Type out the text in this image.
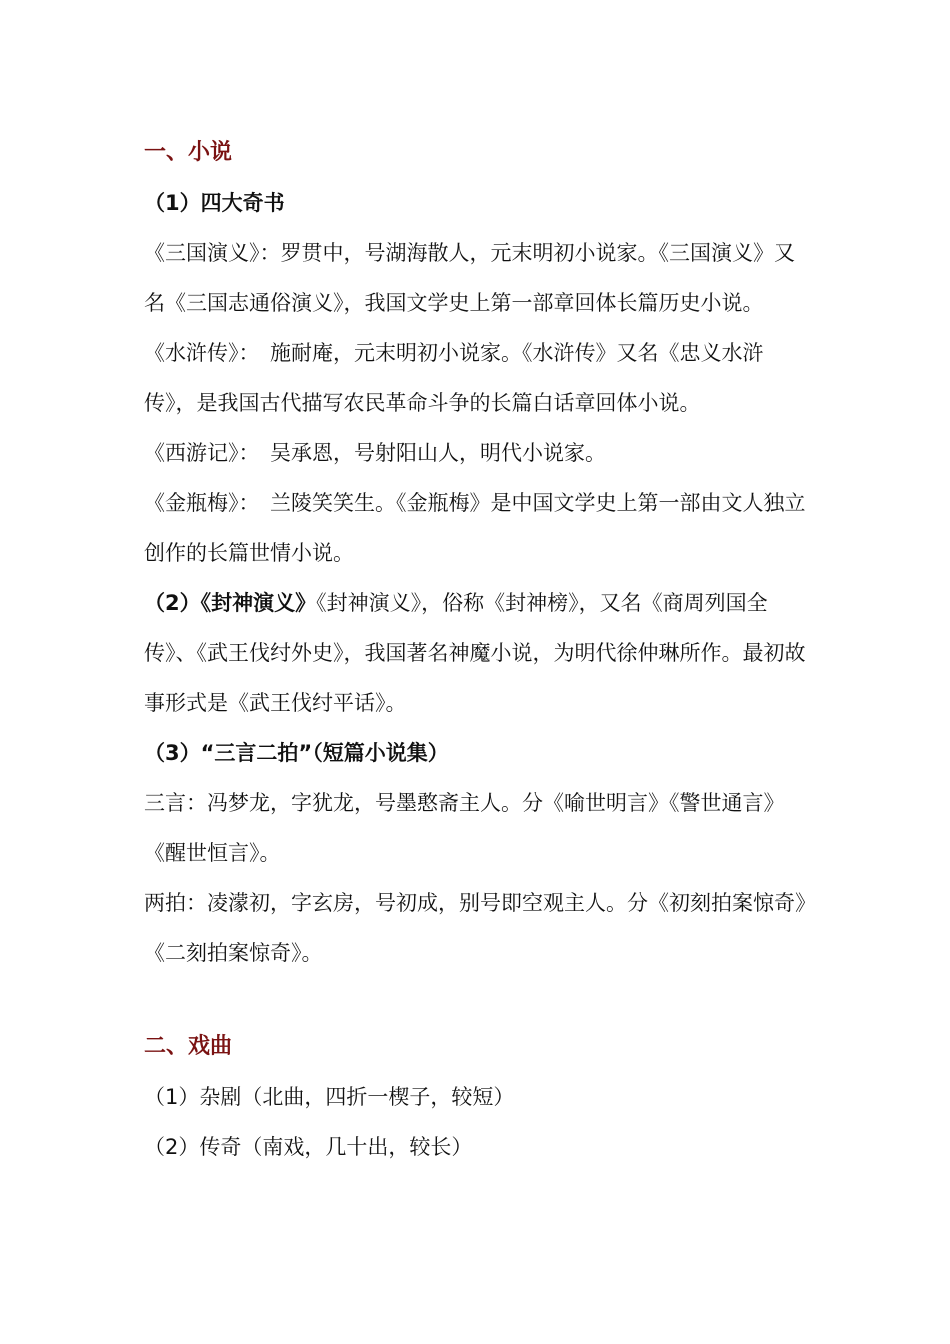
一、小说
（1）四大奇书

《三国演义》：罗贯中，号湖海散人，元末明初小说家。《三国演义》又名《三国志通俗演义》，我国文学史上第一部章回体长篇历史小说。

《水浒传》：　施耐庵，元末明初小说家。《水浒传》又名《忠义水浒传》，是我国古代描写农民革命斗争的长篇白话章回体小说。

《西游记》：　吴承恩，号射阳山人，明代小说家。

《金瓶梅》：　兰陵笑笑生。《金瓶梅》是中国文学史上第一部由文人独立创作的长篇世情小说。

（2）《封神演义》《封神演义》，俗称《封神榜》，又名《商周列国全传》、《武王伐纣外史》，我国著名神魔小说，为明代徐仲琳所作。最初故事形式是《武王伐纣平话》。

（3）“三言二拍”（短篇小说集）

三言：冯梦龙，字犹龙，号墨憨斋主人。分《喻世明言》《警世通言》《醒世恒言》。

两拍：凌濛初，字玄房，号初成，别号即空观主人。分《初刻拍案惊奇》《二刻拍案惊奇》。

二、戏曲
（1）杂剧（北曲，四折一楔子，较短）
（2）传奇（南戏，几十出，较长）
